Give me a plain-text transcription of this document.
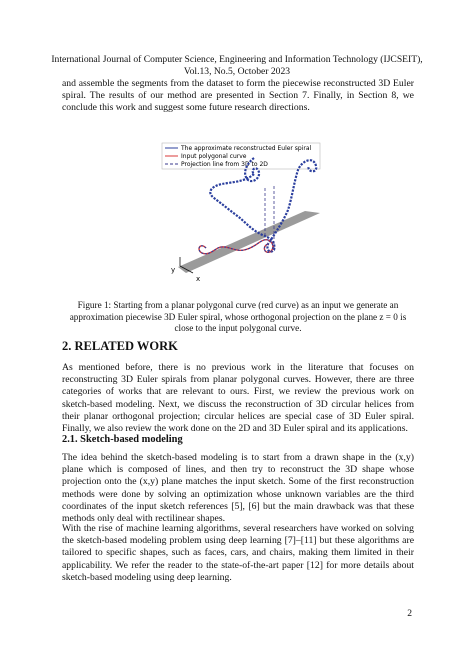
International Journal of Computer Science, Engineering and Information Technology (IJCSEIT),
Vol.13, No.5, October 2023

and assemble the segments from the dataset to form the piecewise reconstructed 3D Euler spiral. The results of our method are presented in Section 7. Finally, in Section 8, we conclude this work and suggest some future research directions.

The approximate reconstructed Euler spiral
Input polygonal curve
Projection line from 3D to 2D
y
x

Figure 1: Starting from a planar polygonal curve (red curve) as an input we generate an approximation piecewise 3D Euler spiral, whose orthogonal projection on the plane z = 0 is close to the input polygonal curve.

2. RELATED WORK

As mentioned before, there is no previous work in the literature that focuses on reconstructing 3D Euler spirals from planar polygonal curves. However, there are three categories of works that are relevant to ours. First, we review the previous work on sketch-based modeling. Next, we discuss the reconstruction of 3D circular helices from their planar orthogonal projection; circular helices are special case of 3D Euler spiral. Finally, we also review the work done on the 2D and 3D Euler spiral and its applications.

2.1. Sketch-based modeling

The idea behind the sketch-based modeling is to start from a drawn shape in the (x,y) plane which is composed of lines, and then try to reconstruct the 3D shape whose projection onto the (x,y) plane matches the input sketch. Some of the first reconstruction methods were done by solving an optimization whose unknown variables are the third coordinates of the input sketch references [5], [6] but the main drawback was that these methods only deal with rectilinear shapes.

With the rise of machine learning algorithms, several researchers have worked on solving the sketch-based modeling problem using deep learning [7]–[11] but these algorithms are tailored to specific shapes, such as faces, cars, and chairs, making them limited in their applicability. We refer the reader to the state-of-the-art paper [12] for more details about sketch-based modeling using deep learning.

2
